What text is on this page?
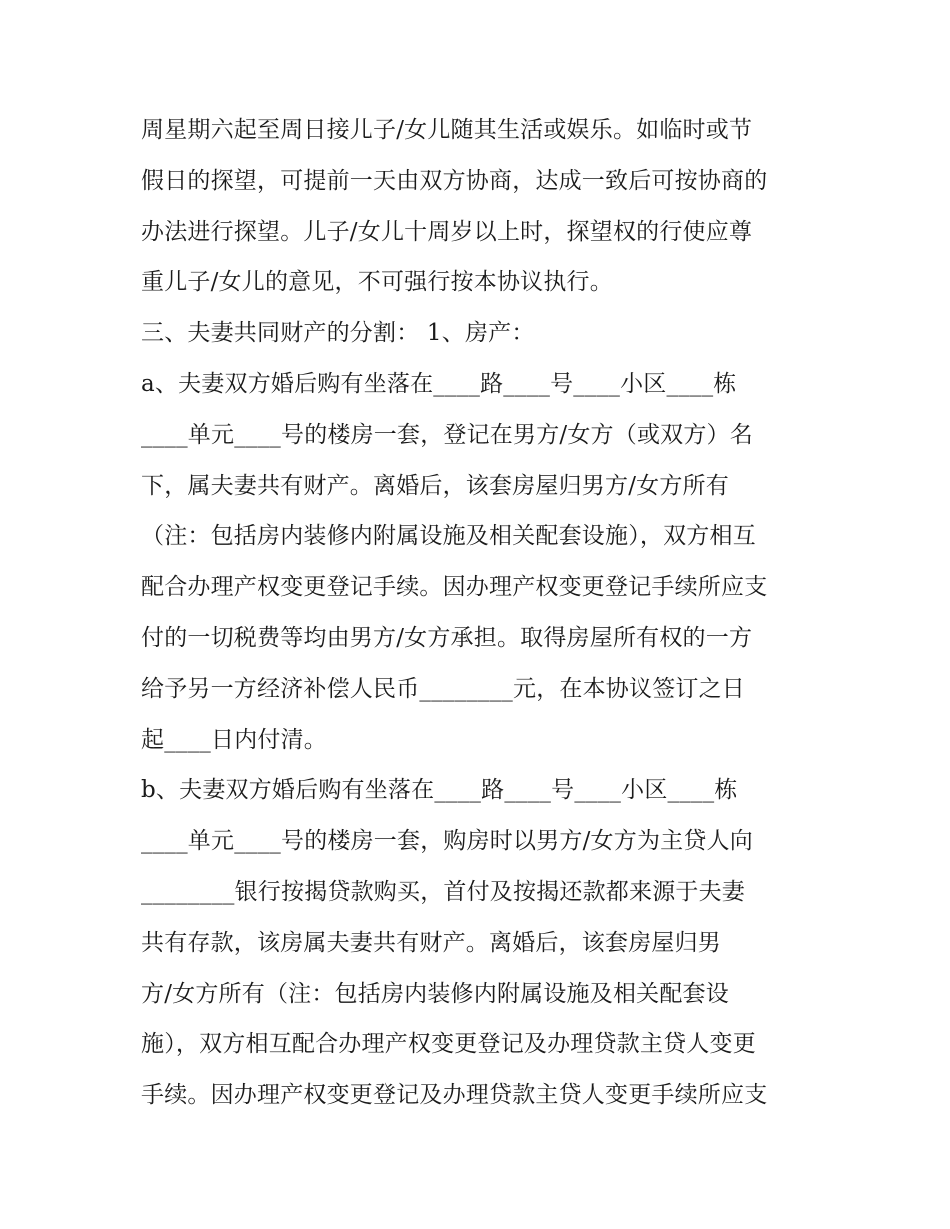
周星期六起至周日接儿子/女儿随其生活或娱乐。如临时或节
假日的探望，可提前一天由双方协商，达成一致后可按协商的
办法进行探望。儿子/女儿十周岁以上时，探望权的行使应尊
重儿子/女儿的意见，不可强行按本协议执行。
三、夫妻共同财产的分割： 1、房产：
a、夫妻双方婚后购有坐落在____路____号____小区____栋
____单元____号的楼房一套，登记在男方/女方（或双方）名
下，属夫妻共有财产。离婚后，该套房屋归男方/女方所有
（注：包括房内装修内附属设施及相关配套设施），双方相互
配合办理产权变更登记手续。因办理产权变更登记手续所应支
付的一切税费等均由男方/女方承担。取得房屋所有权的一方
给予另一方经济补偿人民币________元，在本协议签订之日
起____日内付清。
b、夫妻双方婚后购有坐落在____路____号____小区____栋
____单元____号的楼房一套，购房时以男方/女方为主贷人向
________银行按揭贷款购买，首付及按揭还款都来源于夫妻
共有存款，该房属夫妻共有财产。离婚后，该套房屋归男
方/女方所有（注：包括房内装修内附属设施及相关配套设
施），双方相互配合办理产权变更登记及办理贷款主贷人变更
手续。因办理产权变更登记及办理贷款主贷人变更手续所应支
